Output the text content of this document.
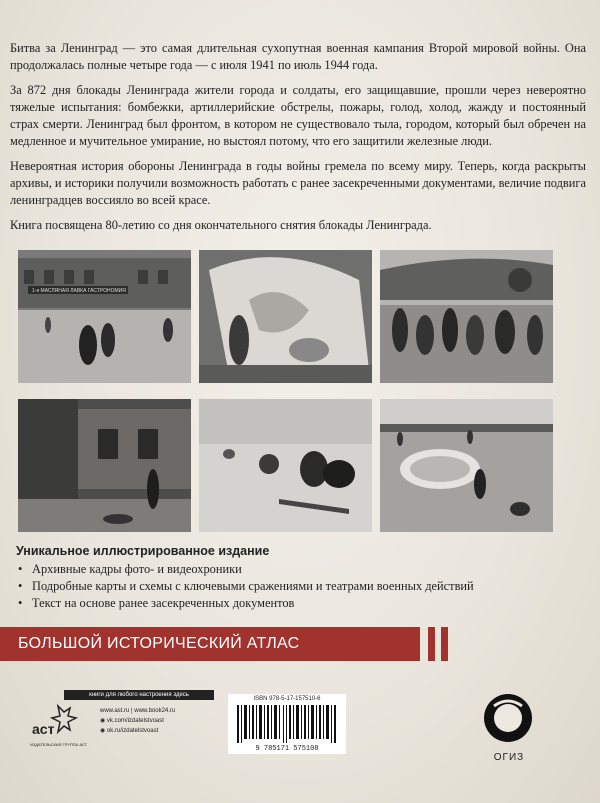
Битва за Ленинград — это самая длительная сухопутная военная кампания Второй мировой войны. Она продолжалась полные четыре года — с июля 1941 по июль 1944 года.

За 872 дня блокады Ленинграда жители города и солдаты, его защищавшие, прошли через невероятно тяжелые испытания: бомбежки, артиллерийские обстрелы, пожары, голод, холод, жажду и постоянный страх смерти. Ленинград был фронтом, в котором не существовало тыла, городом, который был обречен на медленное и мучительное умирание, но выстоял потому, что его защитили железные люди.

Невероятная история обороны Ленинграда в годы войны гремела по всему миру. Теперь, когда раскрыты архивы, и историки получили возможность работать с ранее засекреченными документами, величие подвига ленинградцев воссияло во всей красе.

Книга посвящена 80-летию со дня окончательного снятия блокады Ленинграда.

1-я МАСЛЯНАЯ ЛАВКА ГАСТРОНОМИЯ
Уникальное иллюстрированное издание
• Архивные кадры фото- и видеохроники
• Подробные карты и схемы с ключевыми сражениями и театрами военных действий
• Текст на основе ранее засекреченных документов
БОЛЬШОЙ ИСТОРИЧЕСКИЙ АТЛАС
книги для любого настроения здесь
аст
ИЗДАТЕЛЬСКАЯ ГРУППА АСТ
www.ast.ru | www.book24.ru
◉ vk.com/izdatelstvoast
◉ ok.ru/izdatelstvoast
ISBN 978-5-17-157510-6
9 785171 575108
ОГИЗ
